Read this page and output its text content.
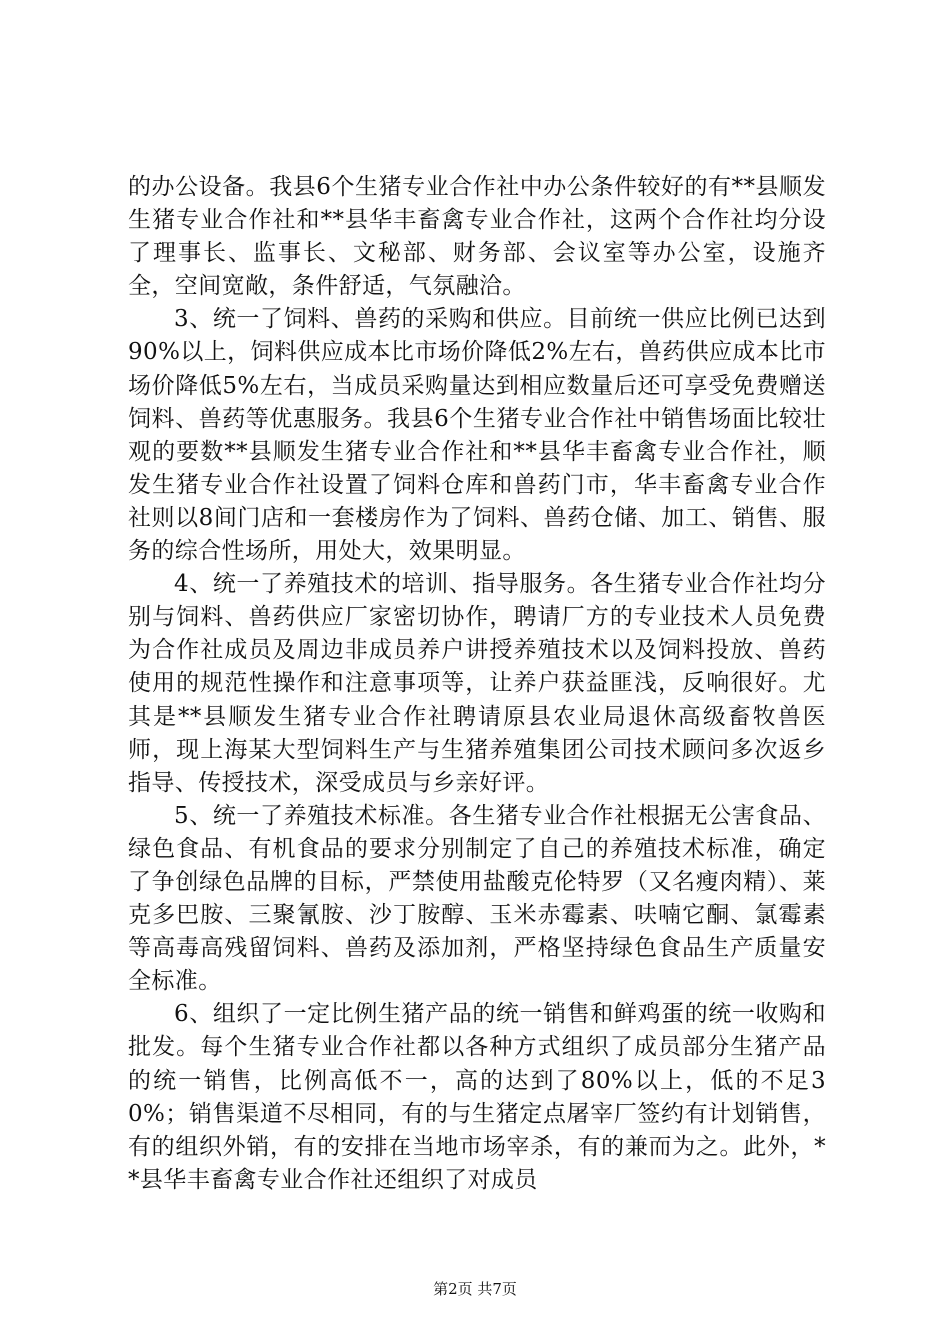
的办公设备。我县6个生猪专业合作社中办公条件较好的有**县顺发生猪专业合作社和**县华丰畜禽专业合作社，这两个合作社均分设了理事长、监事长、文秘部、财务部、会议室等办公室，设施齐全，空间宽敞，条件舒适，气氛融洽。

3、统一了饲料、兽药的采购和供应。目前统一供应比例已达到90%以上，饲料供应成本比市场价降低2%左右，兽药供应成本比市场价降低5%左右，当成员采购量达到相应数量后还可享受免费赠送饲料、兽药等优惠服务。我县6个生猪专业合作社中销售场面比较壮观的要数**县顺发生猪专业合作社和**县华丰畜禽专业合作社，顺发生猪专业合作社设置了饲料仓库和兽药门市，华丰畜禽专业合作社则以8间门店和一套楼房作为了饲料、兽药仓储、加工、销售、服务的综合性场所，用处大，效果明显。

4、统一了养殖技术的培训、指导服务。各生猪专业合作社均分别与饲料、兽药供应厂家密切协作，聘请厂方的专业技术人员免费为合作社成员及周边非成员养户讲授养殖技术以及饲料投放、兽药使用的规范性操作和注意事项等，让养户获益匪浅，反响很好。尤其是**县顺发生猪专业合作社聘请原县农业局退休高级畜牧兽医师，现上海某大型饲料生产与生猪养殖集团公司技术顾问多次返乡指导、传授技术，深受成员与乡亲好评。

5、统一了养殖技术标准。各生猪专业合作社根据无公害食品、绿色食品、有机食品的要求分别制定了自己的养殖技术标准，确定了争创绿色品牌的目标，严禁使用盐酸克伦特罗（又名瘦肉精）、莱克多巴胺、三聚氰胺、沙丁胺醇、玉米赤霉素、呋喃它酮、氯霉素等高毒高残留饲料、兽药及添加剂，严格坚持绿色食品生产质量安全标准。

6、组织了一定比例生猪产品的统一销售和鲜鸡蛋的统一收购和批发。每个生猪专业合作社都以各种方式组织了成员部分生猪产品的统一销售，比例高低不一，高的达到了80%以上，低的不足30%；销售渠道不尽相同，有的与生猪定点屠宰厂签约有计划销售，有的组织外销，有的安排在当地市场宰杀，有的兼而为之。此外，**县华丰畜禽专业合作社还组织了对成员

第2页 共7页
